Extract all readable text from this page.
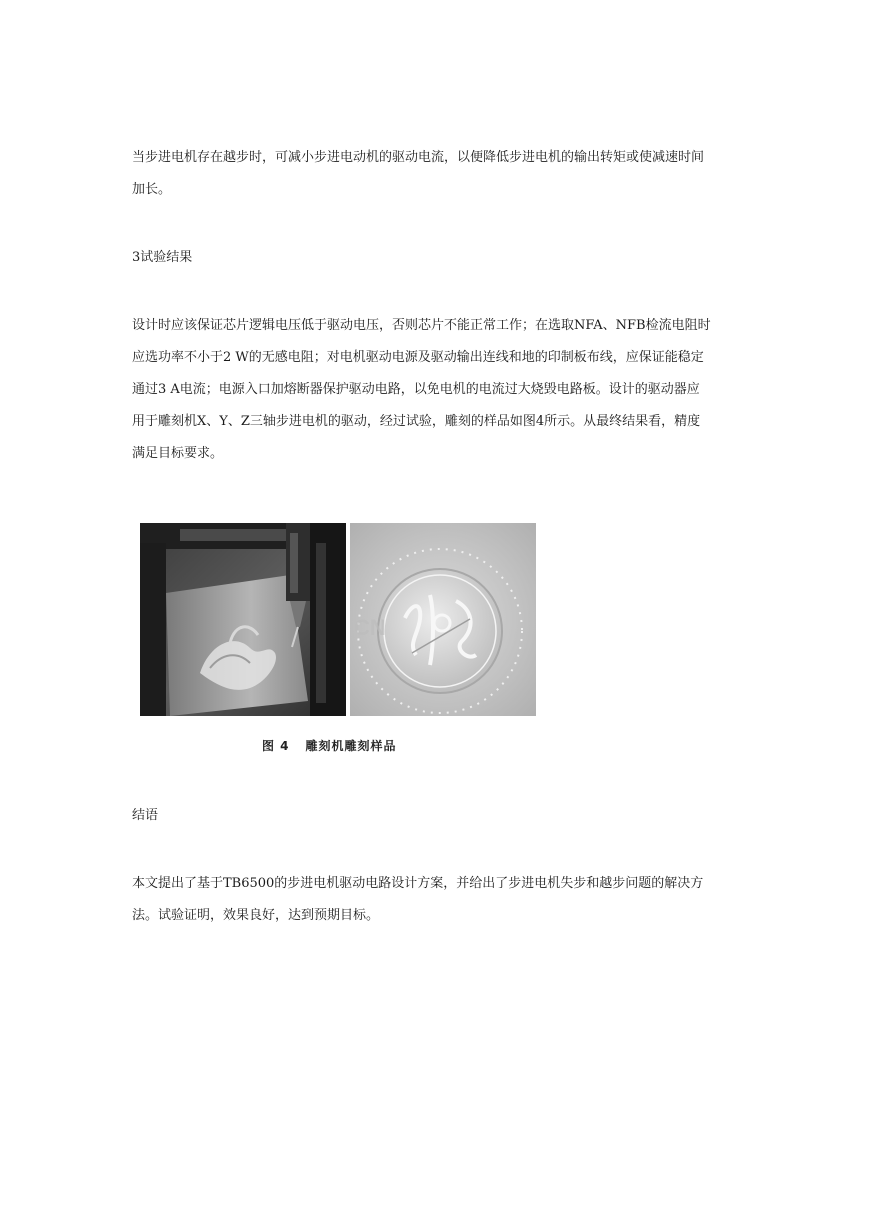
当步进电机存在越步时，可减小步进电动机的驱动电流，以便降低步进电机的输出转矩或使减速时间
加长。

3试验结果

设计时应该保证芯片逻辑电压低于驱动电压，否则芯片不能正常工作；在选取NFA、NFB检流电阻时
应选功率不小于2 W的无感电阻；对电机驱动电源及驱动输出连线和地的印制板布线，应保证能稳定
通过3 A电流；电源入口加熔断器保护驱动电路，以免电机的电流过大烧毁电路板。设计的驱动器应
用于雕刻机X、Y、Z三轴步进电机的驱动，经过试验，雕刻的样品如图4所示。从最终结果看，精度
满足目标要求。

CN

图 4 雕刻机雕刻样品

结语

本文提出了基于TB6500的步进电机驱动电路设计方案，并给出了步进电机失步和越步问题的解决方
法。试验证明，效果良好，达到预期目标。
